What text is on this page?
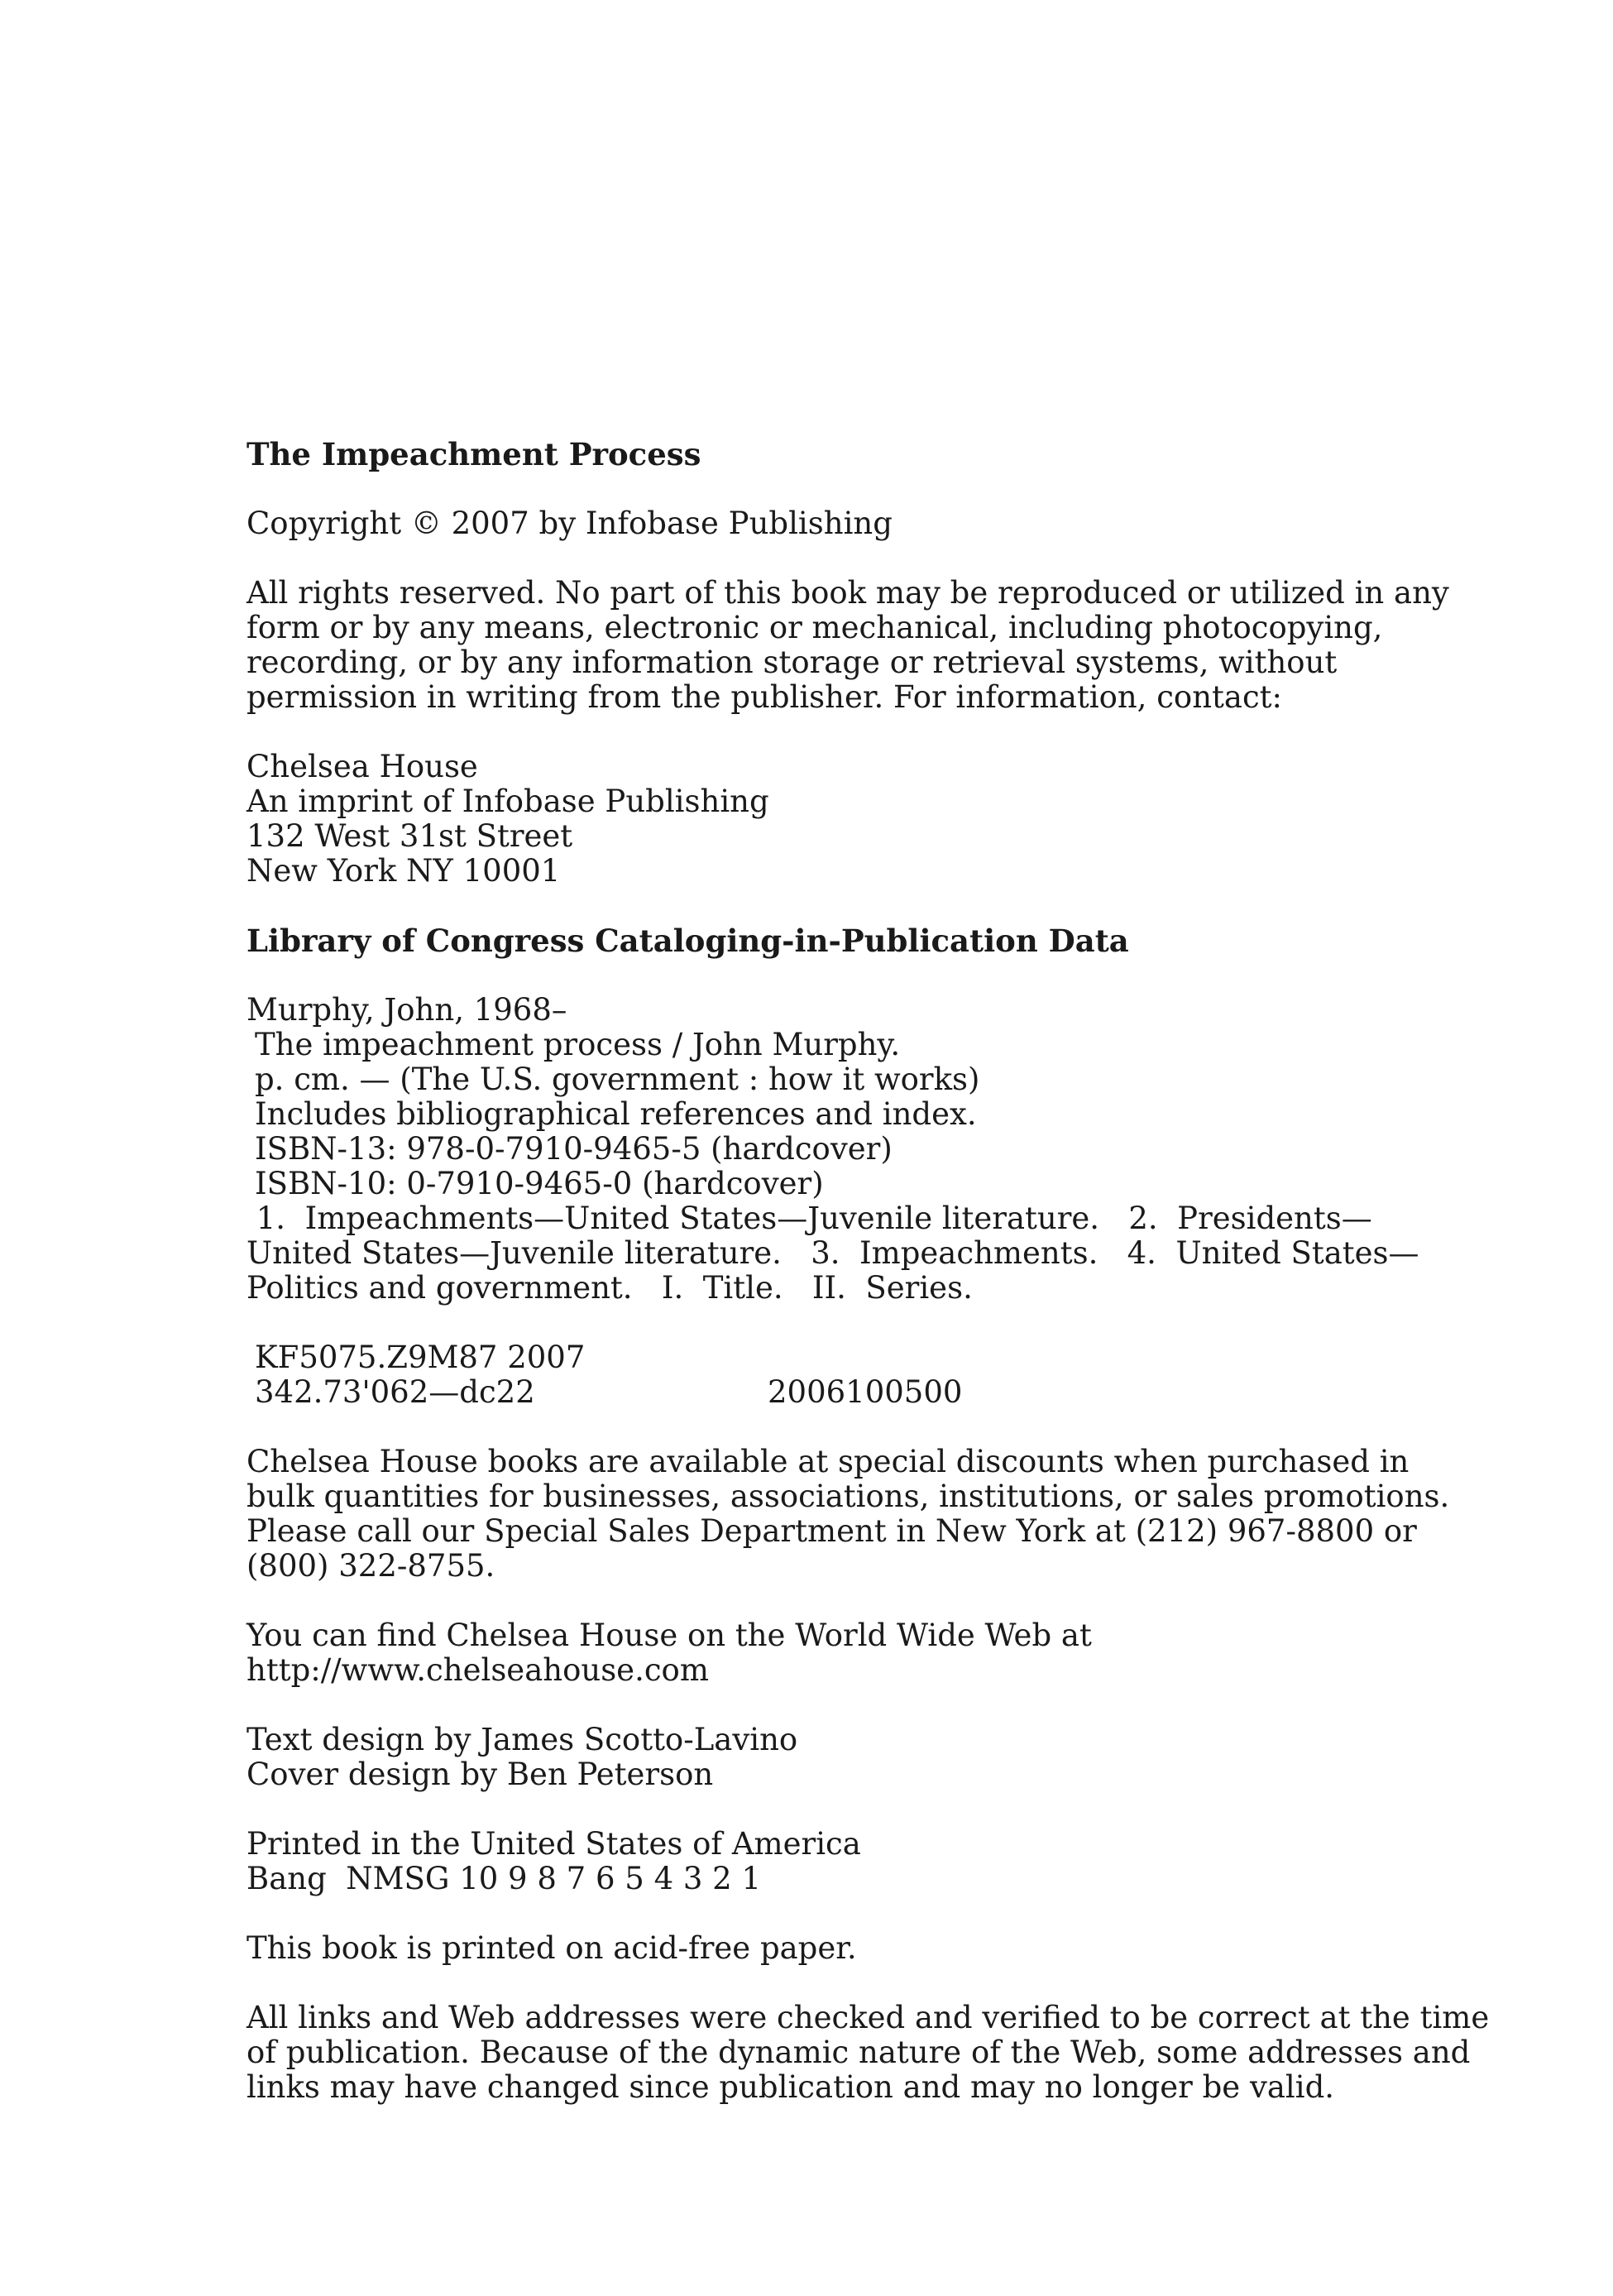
The Impeachment Process

Copyright © 2007 by Infobase Publishing

All rights reserved. No part of this book may be reproduced or utilized in any
form or by any means, electronic or mechanical, including photocopying,
recording, or by any information storage or retrieval systems, without
permission in writing from the publisher. For information, contact:
Chelsea House
An imprint of Infobase Publishing
132 West 31st Street
New York NY 10001

Library of Congress Cataloging-in-Publication Data

Murphy, John, 1968–
The impeachment process / John Murphy.
p. cm. — (The U.S. government : how it works)
Includes bibliographical references and index.
ISBN-13: 978-0-7910-9465-5 (hardcover)
ISBN-10: 0-7910-9465-0 (hardcover)
1.  Impeachments—United States—Juvenile literature.   2.  Presidents—
United States—Juvenile literature.   3.  Impeachments.   4.  United States—
Politics and government.   I.  Title.   II.  Series.
KF5075.Z9M87 2007
342.73'062—dc22	2006100500
Chelsea House books are available at special discounts when purchased in
bulk quantities for businesses, associations, institutions, or sales promotions.
Please call our Special Sales Department in New York at (212) 967-8800 or
(800) 322-8755.
You can find Chelsea House on the World Wide Web at
http://www.chelseahouse.com
Text design by James Scotto-Lavino
Cover design by Ben Peterson
Printed in the United States of America
Bang  NMSG 10 9 8 7 6 5 4 3 2 1

This book is printed on acid-free paper.

All links and Web addresses were checked and verified to be correct at the time
of publication. Because of the dynamic nature of the Web, some addresses and
links may have changed since publication and may no longer be valid.
